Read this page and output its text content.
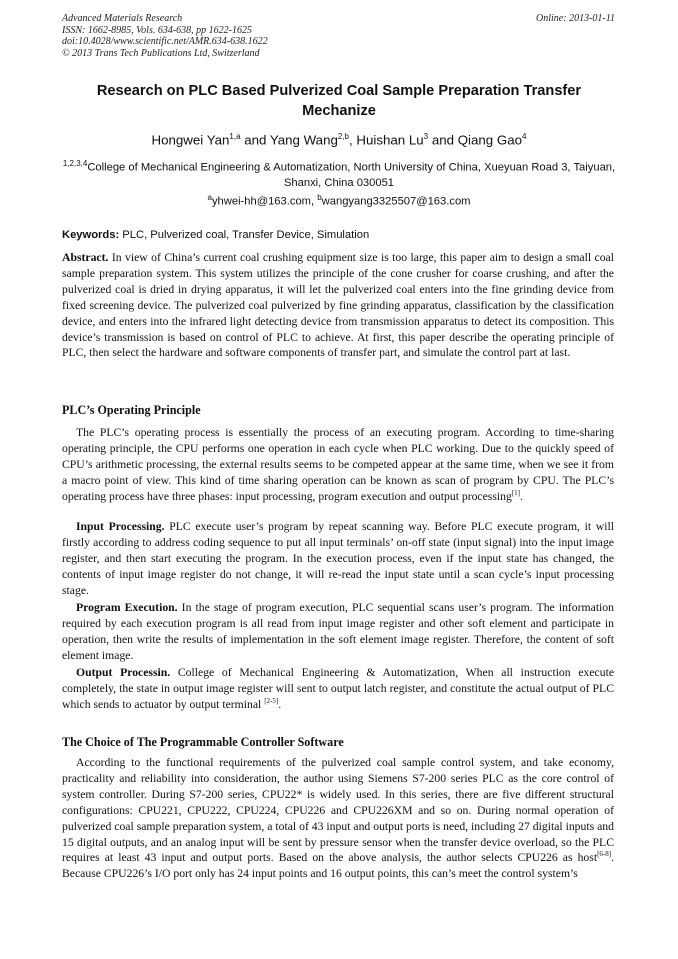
Advanced Materials Research
ISSN: 1662-8985, Vols. 634-638, pp 1622-1625
doi:10.4028/www.scientific.net/AMR.634-638.1622
© 2013 Trans Tech Publications Ltd, Switzerland
Online: 2013-01-11
Research on PLC Based Pulverized Coal Sample Preparation Transfer Mechanize
Hongwei Yan$^{1,a}$ and Yang Wang$^{2,b}$, Huishan Lu$^3$ and Qiang Gao$^4$
$^{1,2,3,4}$College of Mechanical Engineering & Automatization, North University of China, Xueyuan Road 3, Taiyuan, Shanxi, China 030051
$^a$yhwei-hh@163.com, $^b$wangyang3325507@163.com
Keywords: PLC, Pulverized coal, Transfer Device, Simulation
Abstract. In view of China’s current coal crushing equipment size is too large, this paper aim to design a small coal sample preparation system. This system utilizes the principle of the cone crusher for coarse crushing, and after the pulverized coal is dried in drying apparatus, it will let the pulverized coal enters into the fine grinding device from fixed screening device. The pulverized coal pulverized by fine grinding apparatus, classification by the classification device, and enters into the infrared light detecting device from transmission apparatus to detect its composition. This device’s transmission is based on control of PLC to achieve. At first, this paper describe the operating principle of PLC, then select the hardware and software components of transfer part, and simulate the control part at last.
PLC’s Operating Principle
The PLC’s operating process is essentially the process of an executing program. According to time-sharing operating principle, the CPU performs one operation in each cycle when PLC working. Due to the quickly speed of CPU’s arithmetic processing, the external results seems to be competed appear at the same time, when we see it from a macro point of view. This kind of time sharing operation can be known as scan of program by CPU. The PLC’s operating process have three phases: input processing, program execution and output processing[1].
Input Processing. PLC execute user’s program by repeat scanning way. Before PLC execute program, it will firstly according to address coding sequence to put all input terminals’ on-off state (input signal) into the input image register, and then start executing the program. In the execution process, even if the input state has changed, the contents of input image register do not change, it will re-read the input state until a scan cycle’s input processing stage.
Program Execution. In the stage of program execution, PLC sequential scans user’s program. The information required by each execution program is all read from input image register and other soft element and participate in operation, then write the results of implementation in the soft element image register. Therefore, the content of soft element image.
Output Processin. College of Mechanical Engineering & Automatization, When all instruction execute completely, the state in output image register will sent to output latch register, and constitute the actual output of PLC which sends to actuator by output terminal [2-5].
The Choice of The Programmable Controller Software
According to the functional requirements of the pulverized coal sample control system, and take economy, practicality and reliability into consideration, the author using Siemens S7-200 series PLC as the core control of system controller. During S7-200 series, CPU22* is widely used. In this series, there are five different structural configurations: CPU221, CPU222, CPU224, CPU226 and CPU226XM and so on. During normal operation of pulverized coal sample preparation system, a total of 43 input and output ports is need, including 27 digital inputs and 15 digital outputs, and an analog input will be sent by pressure sensor when the transfer device overload, so the PLC requires at least 43 input and output ports. Based on the above analysis, the author selects CPU226 as host[6-8]. Because CPU226’s I/O port only has 24 input points and 16 output points, this can’s meet the control system’s
